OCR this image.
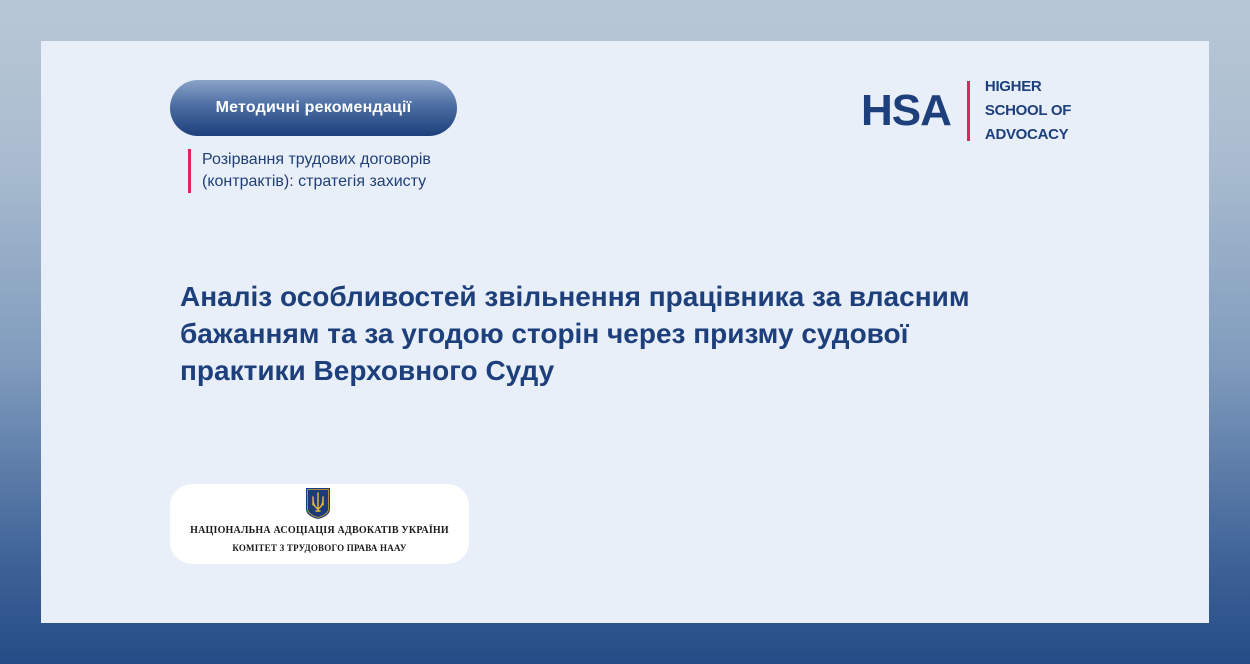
Методичні рекомендації
Розірвання трудових договорів
(контрактів): стратегія захисту
HSA HIGHER
SCHOOL OF
ADVOCACY
Аналіз особливостей звільнення працівника за власним бажанням та за угодою сторін через призму судової практики Верховного Суду
НАЦІОНАЛЬНА АСОЦІАЦІЯ АДВОКАТІВ УКРАЇНИ
КОМІТЕТ З ТРУДОВОГО ПРАВА НААУ
